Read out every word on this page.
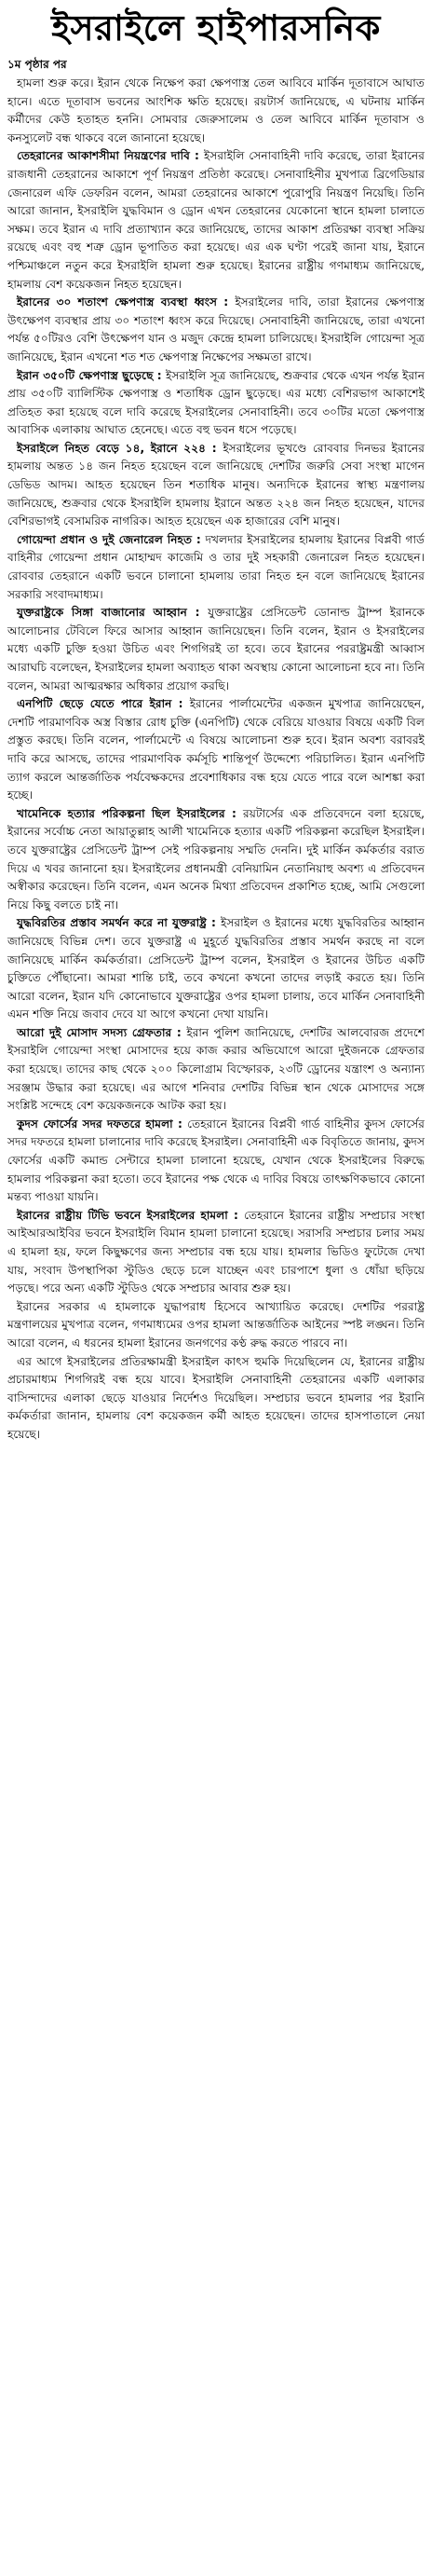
ইসরাইলে হাইপারসনিক
১ম পৃষ্ঠার পর

হামলা শুরু করে। ইরান থেকে নিক্ষেপ করা ক্ষেপণাস্ত্র তেল আবিবে মার্কিন দূতাবাসে আঘাত হানে। এতে দূতাবাস ভবনের আংশিক ক্ষতি হয়েছে। রয়টার্স জানিয়েছে, এ ঘটনায় মার্কিন কর্মীদের কেউ হতাহত হননি। সোমবার জেরুসালেম ও তেল আবিবে মার্কিন দূতাবাস ও কনস্যুলেট বন্ধ থাকবে বলে জানানো হয়েছে।

তেহরানের আকাশসীমা নিয়ন্ত্রণের দাবি : ইসরাইলি সেনাবাহিনী দাবি করেছে, তারা ইরানের রাজধানী তেহরানের আকাশে পূর্ণ নিয়ন্ত্রণ প্রতিষ্ঠা করেছে। সেনাবাহিনীর মুখপাত্র ব্রিগেডিয়ার জেনারেল এফি ডেফরিন বলেন, আমরা তেহরানের আকাশে পুরোপুরি নিয়ন্ত্রণ নিয়েছি। তিনি আরো জানান, ইসরাইলি যুদ্ধবিমান ও ড্রোন এখন তেহরানের যেকোনো স্থানে হামলা চালাতে সক্ষম। তবে ইরান এ দাবি প্রত্যাখ্যান করে জানিয়েছে, তাদের আকাশ প্রতিরক্ষা ব্যবস্থা সক্রিয় রয়েছে এবং বহু শত্রু ড্রোন ভূপাতিত করা হয়েছে। এর এক ঘণ্টা পরেই জানা যায়, ইরানে পশ্চিমাঞ্চলে নতুন করে ইসরাইলি হামলা শুরু হয়েছে। ইরানের রাষ্ট্রীয় গণমাধ্যম জানিয়েছে, হামলায় বেশ কয়েকজন নিহত হয়েছেন।

ইরানের ৩০ শতাংশ ক্ষেপণাস্ত্র ব্যবস্থা ধ্বংস : ইসরাইলের দাবি, তারা ইরানের ক্ষেপণাস্ত্র উৎক্ষেপণ ব্যবস্থার প্রায় ৩০ শতাংশ ধ্বংস করে দিয়েছে। সেনাবাহিনী জানিয়েছে, তারা এখনো পর্যন্ত ৫০টিরও বেশি উৎক্ষেপণ যান ও মজুদ কেন্দ্রে হামলা চালিয়েছে। ইসরাইলি গোয়েন্দা সূত্র জানিয়েছে, ইরান এখনো শত শত ক্ষেপণাস্ত্র নিক্ষেপের সক্ষমতা রাখে।

ইরান ৩৫০টি ক্ষেপণাস্ত্র ছুড়েছে : ইসরাইলি সূত্র জানিয়েছে, শুক্রবার থেকে এখন পর্যন্ত ইরান প্রায় ৩৫০টি ব্যালিস্টিক ক্ষেপণাস্ত্র ও শতাধিক ড্রোন ছুড়েছে। এর মধ্যে বেশিরভাগ আকাশেই প্রতিহত করা হয়েছে বলে দাবি করেছে ইসরাইলের সেনাবাহিনী। তবে ৩০টির মতো ক্ষেপণাস্ত্র আবাসিক এলাকায় আঘাত হেনেছে। এতে বহু ভবন ধসে পড়েছে।

ইসরাইলে নিহত বেড়ে ১৪, ইরানে ২২৪ : ইসরাইলের ভূখণ্ডে রোববার দিনভর ইরানের হামলায় অন্তত ১৪ জন নিহত হয়েছেন বলে জানিয়েছে দেশটির জরুরি সেবা সংস্থা মাগেন ডেভিড আদম। আহত হয়েছেন তিন শতাধিক মানুষ। অন্যদিকে ইরানের স্বাস্থ্য মন্ত্রণালয় জানিয়েছে, শুক্রবার থেকে ইসরাইলি হামলায় ইরানে অন্তত ২২৪ জন নিহত হয়েছেন, যাদের বেশিরভাগই বেসামরিক নাগরিক। আহত হয়েছেন এক হাজারের বেশি মানুষ।

গোয়েন্দা প্রধান ও দুই জেনারেল নিহত : দখলদার ইসরাইলের হামলায় ইরানের বিপ্লবী গার্ড বাহিনীর গোয়েন্দা প্রধান মোহাম্মদ কাজেমি ও তার দুই সহকারী জেনারেল নিহত হয়েছেন। রোববার তেহরানে একটি ভবনে চালানো হামলায় তারা নিহত হন বলে জানিয়েছে ইরানের সরকারি সংবাদমাধ্যম।

যুক্তরাষ্ট্রকে সিঙ্গা বাজানোর আহ্বান : যুক্তরাষ্ট্রের প্রেসিডেন্ট ডোনাল্ড ট্রাম্প ইরানকে আলোচনার টেবিলে ফিরে আসার আহ্বান জানিয়েছেন। তিনি বলেন, ইরান ও ইসরাইলের মধ্যে একটি চুক্তি হওয়া উচিত এবং শিগগিরই তা হবে। তবে ইরানের পররাষ্ট্রমন্ত্রী আব্বাস আরাঘচি বলেছেন, ইসরাইলের হামলা অব্যাহত থাকা অবস্থায় কোনো আলোচনা হবে না। তিনি বলেন, আমরা আত্মরক্ষার অধিকার প্রয়োগ করছি।

এনপিটি ছেড়ে যেতে পারে ইরান : ইরানের পার্লামেন্টের একজন মুখপাত্র জানিয়েছেন, দেশটি পারমাণবিক অস্ত্র বিস্তার রোধ চুক্তি (এনপিটি) থেকে বেরিয়ে যাওয়ার বিষয়ে একটি বিল প্রস্তুত করছে। তিনি বলেন, পার্লামেন্টে এ বিষয়ে আলোচনা শুরু হবে। ইরান অবশ্য বরাবরই দাবি করে আসছে, তাদের পারমাণবিক কর্মসূচি শান্তিপূর্ণ উদ্দেশ্যে পরিচালিত। ইরান এনপিটি ত্যাগ করলে আন্তর্জাতিক পর্যবেক্ষকদের প্রবেশাধিকার বন্ধ হয়ে যেতে পারে বলে আশঙ্কা করা হচ্ছে।

খামেনিকে হত্যার পরিকল্পনা ছিল ইসরাইলের : রয়টার্সের এক প্রতিবেদনে বলা হয়েছে, ইরানের সর্বোচ্চ নেতা আয়াতুল্লাহ আলী খামেনিকে হত্যার একটি পরিকল্পনা করেছিল ইসরাইল। তবে যুক্তরাষ্ট্রের প্রেসিডেন্ট ট্রাম্প সেই পরিকল্পনায় সম্মতি দেননি। দুই মার্কিন কর্মকর্তার বরাত দিয়ে এ খবর জানানো হয়। ইসরাইলের প্রধানমন্ত্রী বেনিয়ামিন নেতানিয়াহু অবশ্য এ প্রতিবেদন অস্বীকার করেছেন। তিনি বলেন, এমন অনেক মিথ্যা প্রতিবেদন প্রকাশিত হচ্ছে, আমি সেগুলো নিয়ে কিছু বলতে চাই না।

যুদ্ধবিরতির প্রস্তাব সমর্থন করে না যুক্তরাষ্ট্র : ইসরাইল ও ইরানের মধ্যে যুদ্ধবিরতির আহ্বান জানিয়েছে বিভিন্ন দেশ। তবে যুক্তরাষ্ট্র এ মুহূর্তে যুদ্ধবিরতির প্রস্তাব সমর্থন করছে না বলে জানিয়েছে মার্কিন কর্মকর্তারা। প্রেসিডেন্ট ট্রাম্প বলেন, ইসরাইল ও ইরানের উচিত একটি চুক্তিতে পৌঁছানো। আমরা শান্তি চাই, তবে কখনো কখনো তাদের লড়াই করতে হয়। তিনি আরো বলেন, ইরান যদি কোনোভাবে যুক্তরাষ্ট্রের ওপর হামলা চালায়, তবে মার্কিন সেনাবাহিনী এমন শক্তি নিয়ে জবাব দেবে যা আগে কখনো দেখা যায়নি।

আরো দুই মোসাদ সদস্য গ্রেফতার : ইরান পুলিশ জানিয়েছে, দেশটির আলবোরজ প্রদেশে ইসরাইলি গোয়েন্দা সংস্থা মোসাদের হয়ে কাজ করার অভিযোগে আরো দুইজনকে গ্রেফতার করা হয়েছে। তাদের কাছ থেকে ২০০ কিলোগ্রাম বিস্ফোরক, ২৩টি ড্রোনের যন্ত্রাংশ ও অন্যান্য সরঞ্জাম উদ্ধার করা হয়েছে। এর আগে শনিবার দেশটির বিভিন্ন স্থান থেকে মোসাদের সঙ্গে সংশ্লিষ্ট সন্দেহে বেশ কয়েকজনকে আটক করা হয়।

কুদস ফোর্সের সদর দফতরে হামলা : তেহরানে ইরানের বিপ্লবী গার্ড বাহিনীর কুদস ফোর্সের সদর দফতরে হামলা চালানোর দাবি করেছে ইসরাইল। সেনাবাহিনী এক বিবৃতিতে জানায়, কুদস ফোর্সের একটি কমান্ড সেন্টারে হামলা চালানো হয়েছে, যেখান থেকে ইসরাইলের বিরুদ্ধে হামলার পরিকল্পনা করা হতো। তবে ইরানের পক্ষ থেকে এ দাবির বিষয়ে তাৎক্ষণিকভাবে কোনো মন্তব্য পাওয়া যায়নি।

ইরানের রাষ্ট্রীয় টিভি ভবনে ইসরাইলের হামলা : তেহরানে ইরানের রাষ্ট্রীয় সম্প্রচার সংস্থা আইআরআইবির ভবনে ইসরাইলি বিমান হামলা চালানো হয়েছে। সরাসরি সম্প্রচার চলার সময় এ হামলা হয়, ফলে কিছুক্ষণের জন্য সম্প্রচার বন্ধ হয়ে যায়। হামলার ভিডিও ফুটেজে দেখা যায়, সংবাদ উপস্থাপিকা স্টুডিও ছেড়ে চলে যাচ্ছেন এবং চারপাশে ধুলা ও ধোঁয়া ছড়িয়ে পড়ছে। পরে অন্য একটি স্টুডিও থেকে সম্প্রচার আবার শুরু হয়।

ইরানের সরকার এ হামলাকে যুদ্ধাপরাধ হিসেবে আখ্যায়িত করেছে। দেশটির পররাষ্ট্র মন্ত্রণালয়ের মুখপাত্র বলেন, গণমাধ্যমের ওপর হামলা আন্তর্জাতিক আইনের স্পষ্ট লঙ্ঘন। তিনি আরো বলেন, এ ধরনের হামলা ইরানের জনগণের কণ্ঠ রুদ্ধ করতে পারবে না।

এর আগে ইসরাইলের প্রতিরক্ষামন্ত্রী ইসরাইল কাৎস হুমকি দিয়েছিলেন যে, ইরানের রাষ্ট্রীয় প্রচারমাধ্যম শিগগিরই বন্ধ হয়ে যাবে। ইসরাইলি সেনাবাহিনী তেহরানের একটি এলাকার বাসিন্দাদের এলাকা ছেড়ে যাওয়ার নির্দেশও দিয়েছিল। সম্প্রচার ভবনে হামলার পর ইরানি কর্মকর্তারা জানান, হামলায় বেশ কয়েকজন কর্মী আহত হয়েছেন। তাদের হাসপাতালে নেয়া হয়েছে।
